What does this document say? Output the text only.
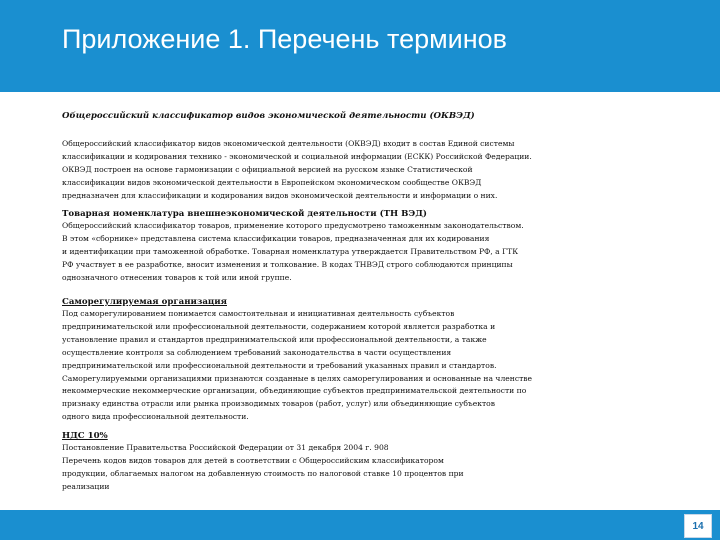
Приложение 1. Перечень терминов

Общероссийский классификатор видов экономической деятельности (ОКВЭД)

Общероссийский классификатор видов экономической деятельности (ОКВЭД) входит в состав Единой системы
классификации и кодирования технико - экономической и социальной информации (ЕСКК) Российской Федерации.
ОКВЭД построен на основе гармонизации с официальной версией на русском языке Статистической
классификации видов экономической деятельности в Европейском экономическом сообществе ОКВЭД
предназначен для классификации и кодирования видов экономической деятельности и информации о них.

Товарная номенклатура внешнеэкономической деятельности (ТН ВЭД)

Общероссийский классификатор товаров, применение которого предусмотрено таможенным законодательством.
В этом «сборнике» представлена система классификации товаров, предназначенная для их кодирования
и идентификации при таможенной обработке. Товарная номенклатура утверждается Правительством РФ, а ГТК
РФ участвует в ее разработке, вносит изменения и толкование. В кодах ТНВЭД строго соблюдаются принципы
однозначного отнесения товаров к той или иной группе.

Саморегулируемая организация

Под саморегулированием понимается самостоятельная и инициативная деятельность субъектов
предпринимательской или профессиональной деятельности, содержанием которой является разработка и
установление правил и стандартов предпринимательской или профессиональной деятельности, а также
осуществление контроля за соблюдением требований законодательства в части осуществления
предпринимательской или профессиональной деятельности и требований указанных правил и стандартов.
Саморегулируемыми организациями признаются созданные в целях саморегулирования и основанные на членстве
некоммерческие некоммерческие организации, объединяющие субъектов предпринимательской деятельности по
признаку единства отрасли или рынка производимых товаров (работ, услуг) или объединяющие субъектов
одного вида профессиональной деятельности.

НДС 10%

Постановление Правительства Российской Федерации от 31 декабря 2004 г. 908
Перечень кодов видов товаров для детей в соответствии с Общероссийским классификатором
продукции, облагаемых налогом на добавленную стоимость по налоговой ставке 10 процентов при
реализации
14
